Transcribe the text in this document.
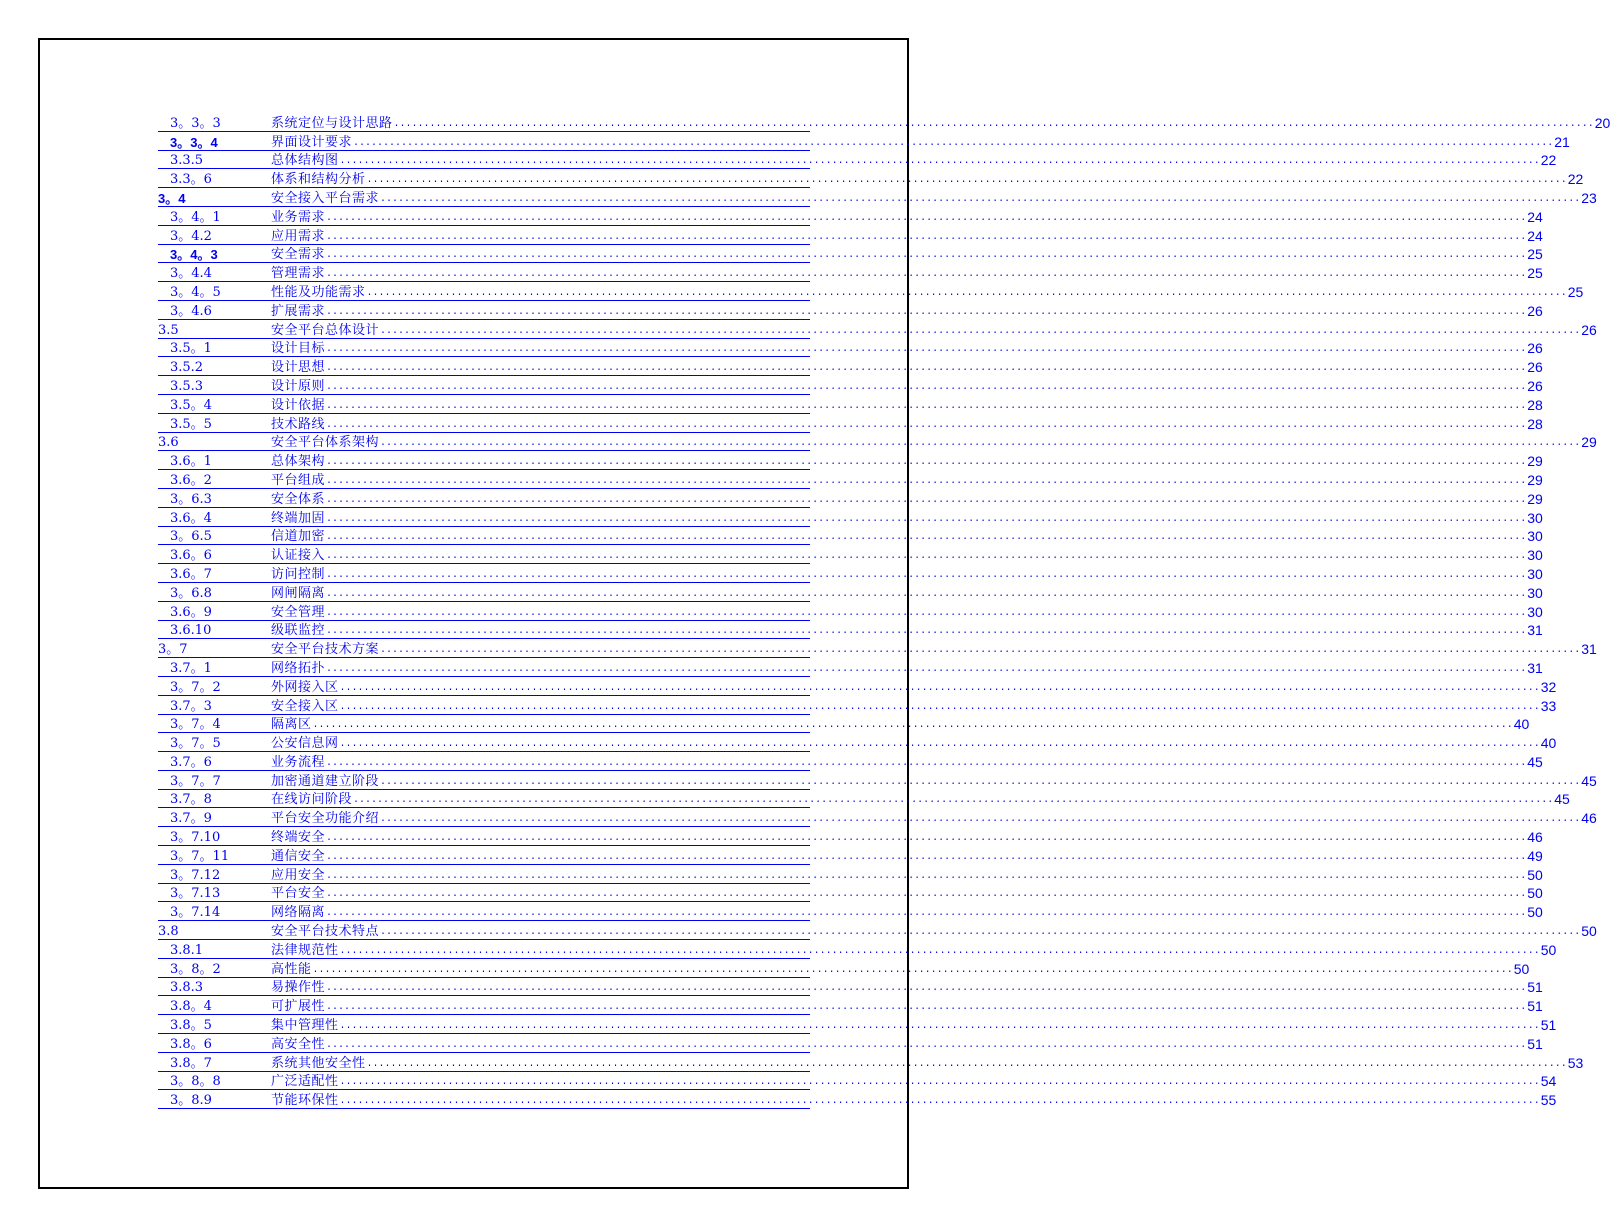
3。3。3	系统定位与设计思路 ........................................................................................................................................................................................................ 20
3。3。4	界面设计要求 ........................................................................................................................................................................................................ 21
3.3.5	总体结构图 ........................................................................................................................................................................................................ 22
3.3。6	体系和结构分析 ........................................................................................................................................................................................................ 22
3。4	安全接入平台需求 ........................................................................................................................................................................................................ 23
3。4。1	业务需求 ........................................................................................................................................................................................................ 24
3。4.2	应用需求 ........................................................................................................................................................................................................ 24
3。4。3	安全需求 ........................................................................................................................................................................................................ 25
3。4.4	管理需求 ........................................................................................................................................................................................................ 25
3。4。5	性能及功能需求 ........................................................................................................................................................................................................ 25
3。4.6	扩展需求 ........................................................................................................................................................................................................ 26
3.5	安全平台总体设计 ........................................................................................................................................................................................................ 26
3.5。1	设计目标 ........................................................................................................................................................................................................ 26
3.5.2	设计思想 ........................................................................................................................................................................................................ 26
3.5.3	设计原则 ........................................................................................................................................................................................................ 26
3.5。4	设计依据 ........................................................................................................................................................................................................ 28
3.5。5	技术路线 ........................................................................................................................................................................................................ 28
3.6	安全平台体系架构 ........................................................................................................................................................................................................ 29
3.6。1	总体架构 ........................................................................................................................................................................................................ 29
3.6。2	平台组成 ........................................................................................................................................................................................................ 29
3。6.3	安全体系 ........................................................................................................................................................................................................ 29
3.6。4	终端加固 ........................................................................................................................................................................................................ 30
3。6.5	信道加密 ........................................................................................................................................................................................................ 30
3.6。6	认证接入 ........................................................................................................................................................................................................ 30
3.6。7	访问控制 ........................................................................................................................................................................................................ 30
3。6.8	网闸隔离 ........................................................................................................................................................................................................ 30
3.6。9	安全管理 ........................................................................................................................................................................................................ 30
3.6.10	级联监控 ........................................................................................................................................................................................................ 31
3。7	安全平台技术方案 ........................................................................................................................................................................................................ 31
3.7。1	网络拓扑 ........................................................................................................................................................................................................ 31
3。7。2	外网接入区 ........................................................................................................................................................................................................ 32
3.7。3	安全接入区 ........................................................................................................................................................................................................ 33
3。7。4	隔离区 ........................................................................................................................................................................................................ 40
3。7。5	公安信息网 ........................................................................................................................................................................................................ 40
3.7。6	业务流程 ........................................................................................................................................................................................................ 45
3。7。7	加密通道建立阶段 ........................................................................................................................................................................................................ 45
3.7。8	在线访问阶段 ........................................................................................................................................................................................................ 45
3.7。9	平台安全功能介绍 ........................................................................................................................................................................................................ 46
3。7.10	终端安全 ........................................................................................................................................................................................................ 46
3。7。11	通信安全 ........................................................................................................................................................................................................ 49
3。7.12	应用安全 ........................................................................................................................................................................................................ 50
3。7.13	平台安全 ........................................................................................................................................................................................................ 50
3。7.14	网络隔离 ........................................................................................................................................................................................................ 50
3.8	安全平台技术特点 ........................................................................................................................................................................................................ 50
3.8.1	法律规范性 ........................................................................................................................................................................................................ 50
3。8。2	高性能 ........................................................................................................................................................................................................ 50
3.8.3	易操作性 ........................................................................................................................................................................................................ 51
3.8。4	可扩展性 ........................................................................................................................................................................................................ 51
3.8。5	集中管理性 ........................................................................................................................................................................................................ 51
3.8。6	高安全性 ........................................................................................................................................................................................................ 51
3.8。7	系统其他安全性 ........................................................................................................................................................................................................ 53
3。8。8	广泛适配性 ........................................................................................................................................................................................................ 54
3。8.9	节能环保性 ........................................................................................................................................................................................................ 55
